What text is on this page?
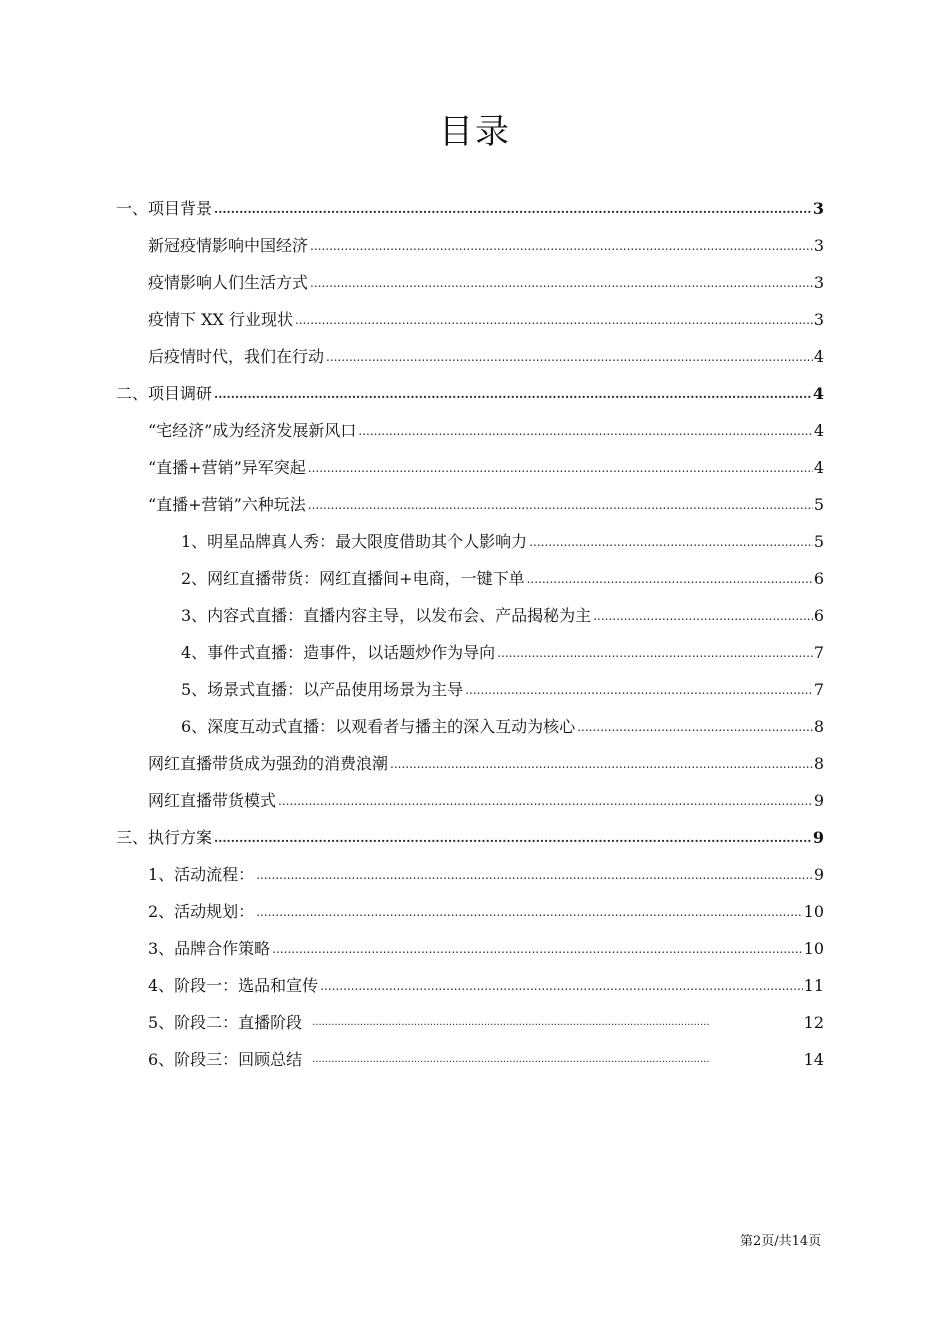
目录
一、项目背景 .....	3
新冠疫情影响中国经济 .....	3
疫情影响人们生活方式 .....	3
疫情下 XX 行业现状 .....	3
后疫情时代，我们在行动 .....	4
二、项目调研 .....	4
“宅经济”成为经济发展新风口 .....	4
“直播+营销”异军突起 .....	4
“直播+营销”六种玩法 .....	5
1、明星品牌真人秀：最大限度借助其个人影响力 .....	5
2、网红直播带货：网红直播间+电商，一键下单 .....	6
3、内容式直播：直播内容主导，以发布会、产品揭秘为主 .....	6
4、事件式直播：造事件，以话题炒作为导向 .....	7
5、场景式直播：以产品使用场景为主导 .....	7
6、深度互动式直播：以观看者与播主的深入互动为核心 .....	8
网红直播带货成为强劲的消费浪潮 .....	8
网红直播带货模式 .....	9
三、执行方案 .....	9
1、活动流程： .....	9
2、活动规划： .....	10
3、品牌合作策略 .....	10
4、阶段一：选品和宣传 .....	11
5、阶段二：直播阶段 .....	12
6、阶段三：回顾总结 .....	14
第2页/共14页
